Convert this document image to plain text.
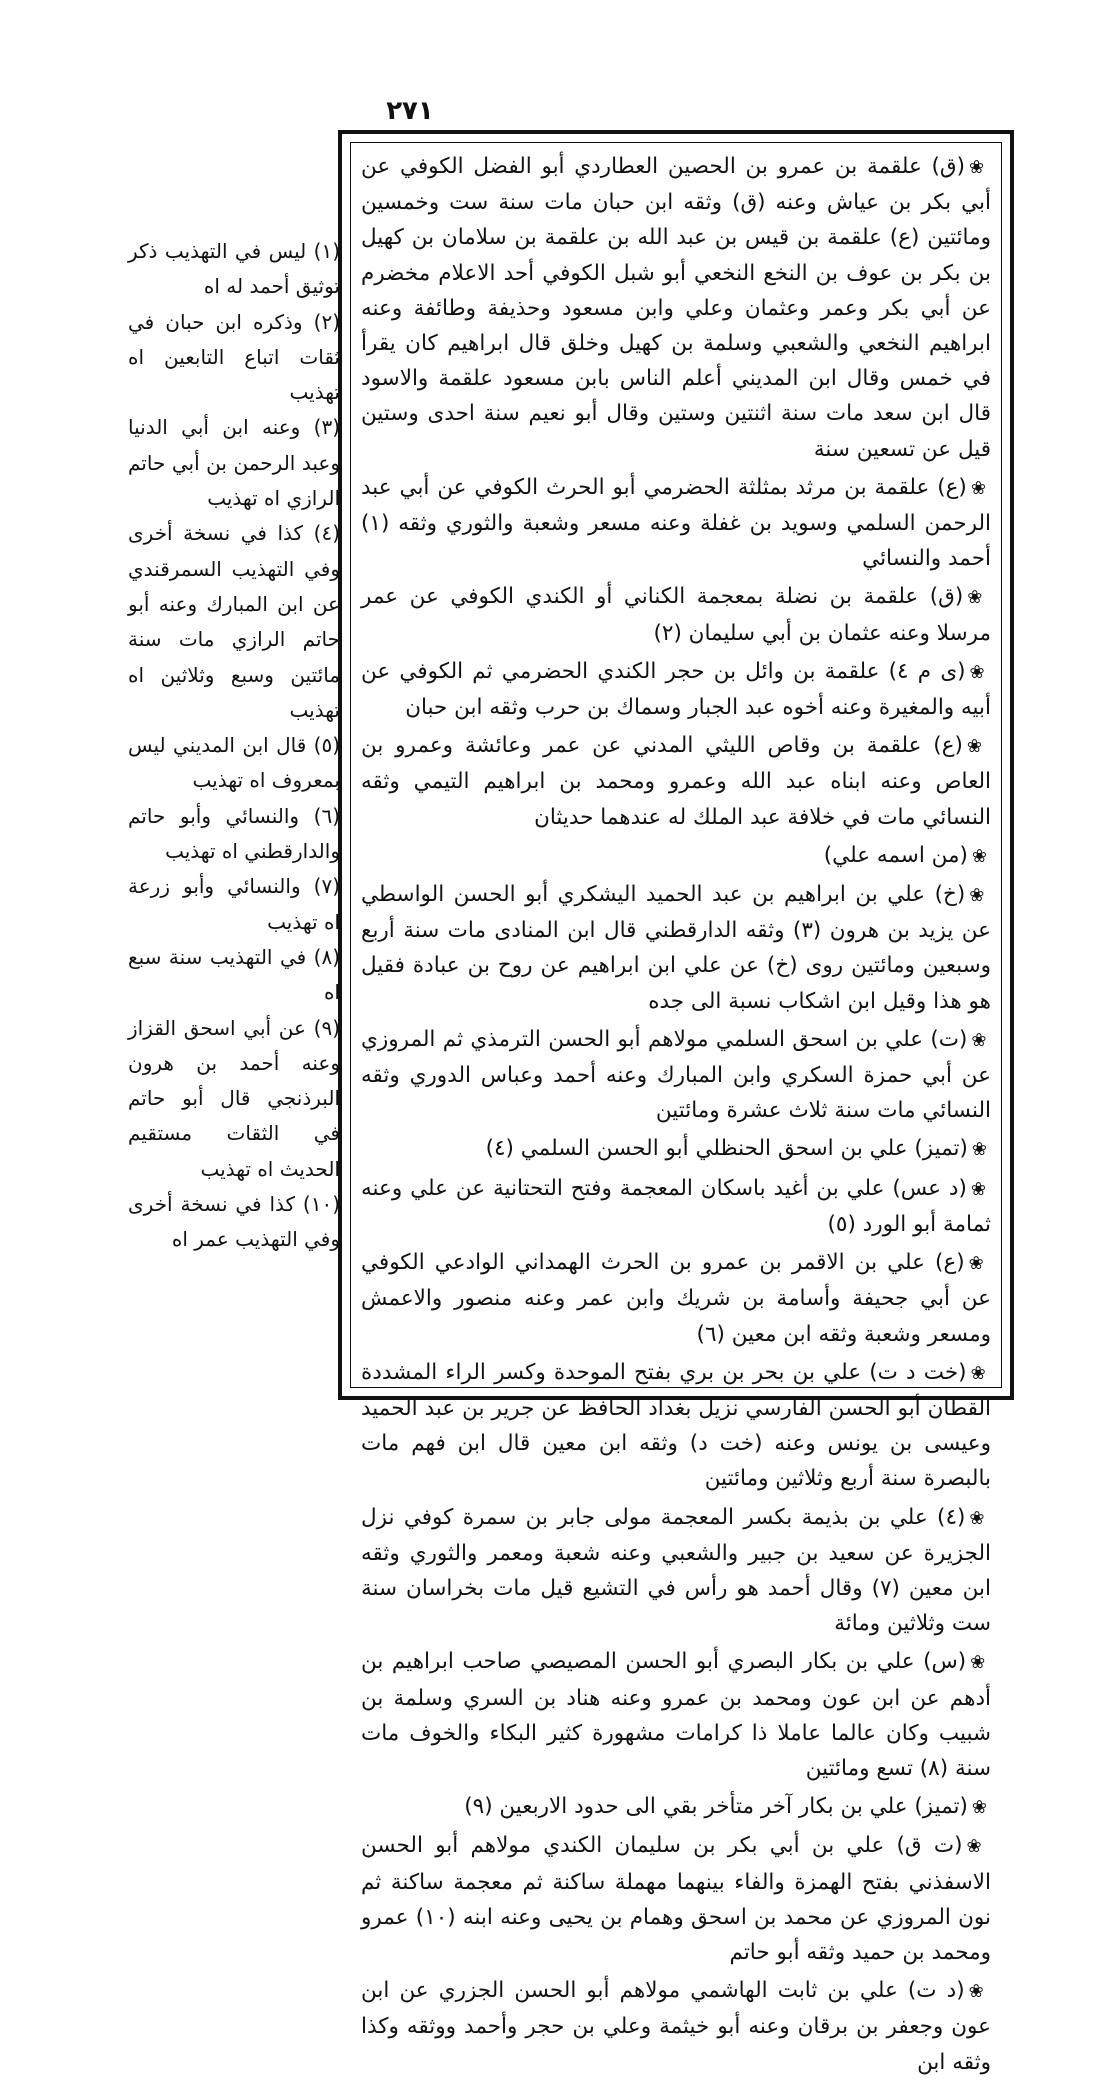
٢٧١
❀(ق) علقمة بن عمرو بن الحصين العطاردي أبو الفضل الكوفي عن أبي بكر بن عياش وعنه (ق) وثقه ابن حبان مات سنة ست وخمسين ومائتين (ع) علقمة بن قيس بن عبد الله بن علقمة بن سلامان بن كهيل بن بكر بن عوف بن النخع النخعي أبو شبل الكوفي أحد الاعلام مخضرم عن أبي بكر وعمر وعثمان وعلي وابن مسعود وحذيفة وطائفة وعنه ابراهيم النخعي والشعبي وسلمة بن كهيل وخلق قال ابراهيم كان يقرأ في خمس وقال ابن المديني أعلم الناس بابن مسعود علقمة والاسود قال ابن سعد مات سنة اثنتين وستين وقال أبو نعيم سنة احدى وستين قيل عن تسعين سنة
❀(ع) علقمة بن مرثد بمثلثة الحضرمي أبو الحرث الكوفي عن أبي عبد الرحمن السلمي وسويد بن غفلة وعنه مسعر وشعبة والثوري وثقه (١) أحمد والنسائي
❀(ق) علقمة بن نضلة بمعجمة الكناني أو الكندي الكوفي عن عمر مرسلا وعنه عثمان بن أبي سليمان (٢)
❀(ى م ٤) علقمة بن وائل بن حجر الكندي الحضرمي ثم الكوفي عن أبيه والمغيرة وعنه أخوه عبد الجبار وسماك بن حرب وثقه ابن حبان
❀(ع) علقمة بن وقاص الليثي المدني عن عمر وعائشة وعمرو بن العاص وعنه ابناه عبد الله وعمرو ومحمد بن ابراهيم التيمي وثقه النسائي مات في خلافة عبد الملك له عندهما حديثان
❀(من اسمه علي)
❀(خ) علي بن ابراهيم بن عبد الحميد اليشكري أبو الحسن الواسطي عن يزيد بن هرون (٣) وثقه الدارقطني قال ابن المنادى مات سنة أربع وسبعين ومائتين روى (خ) عن علي ابن ابراهيم عن روح بن عبادة فقيل هو هذا وقيل ابن اشكاب نسبة الى جده
❀(ت) علي بن اسحق السلمي مولاهم أبو الحسن الترمذي ثم المروزي عن أبي حمزة السكري وابن المبارك وعنه أحمد وعباس الدوري وثقه النسائي مات سنة ثلاث عشرة ومائتين
❀(تميز) علي بن اسحق الحنظلي أبو الحسن السلمي (٤)
❀(د عس) علي بن أغيد باسكان المعجمة وفتح التحتانية عن علي وعنه ثمامة أبو الورد (٥)
❀(ع) علي بن الاقمر بن عمرو بن الحرث الهمداني الوادعي الكوفي عن أبي جحيفة وأسامة بن شريك وابن عمر وعنه منصور والاعمش ومسعر وشعبة وثقه ابن معين (٦)
❀(خت د ت) علي بن بحر بن بري بفتح الموحدة وكسر الراء المشددة القطان أبو الحسن الفارسي نزيل بغداد الحافظ عن جرير بن عبد الحميد وعيسى بن يونس وعنه (خت د) وثقه ابن معين قال ابن فهم مات بالبصرة سنة أربع وثلاثين ومائتين
❀(٤) علي بن بذيمة بكسر المعجمة مولى جابر بن سمرة كوفي نزل الجزيرة عن سعيد بن جبير والشعبي وعنه شعبة ومعمر والثوري وثقه ابن معين (٧) وقال أحمد هو رأس في التشيع قيل مات بخراسان سنة ست وثلاثين ومائة
❀(س) علي بن بكار البصري أبو الحسن المصيصي صاحب ابراهيم بن أدهم عن ابن عون ومحمد بن عمرو وعنه هناد بن السري وسلمة بن شبيب وكان عالما عاملا ذا كرامات مشهورة كثير البكاء والخوف مات سنة (٨) تسع ومائتين
❀(تميز) علي بن بكار آخر متأخر بقي الى حدود الاربعين (٩)
❀(ت ق) علي بن أبي بكر بن سليمان الكندي مولاهم أبو الحسن الاسفذني بفتح الهمزة والفاء بينهما مهملة ساكنة ثم معجمة ساكنة ثم نون المروزي عن محمد بن اسحق وهمام بن يحيى وعنه ابنه (١٠) عمرو ومحمد بن حميد وثقه أبو حاتم
❀(د ت) علي بن ثابت الهاشمي مولاهم أبو الحسن الجزري عن ابن عون وجعفر بن برقان وعنه أبو خيثمة وعلي بن حجر وأحمد ووثقه وكذا وثقه ابن
(١) ليس في التهذيب ذكر توثيق أحمد له اه
(٢) وذكره ابن حبان في ثقات اتباع التابعين اه تهذيب
(٣) وعنه ابن أبي الدنيا وعبد الرحمن بن أبي حاتم الرازي اه تهذيب
(٤) كذا في نسخة أخرى وفي التهذيب السمرقندي عن ابن المبارك وعنه أبو حاتم الرازي مات سنة مائتين وسبع وثلاثين اه تهذيب
(٥) قال ابن المديني ليس بمعروف اه تهذيب
(٦) والنسائي وأبو حاتم والدارقطني اه تهذيب
(٧) والنسائي وأبو زرعة اه تهذيب
(٨) في التهذيب سنة سبع اه
(٩) عن أبي اسحق القزاز وعنه أحمد بن هرون البرذنجي قال أبو حاتم في الثقات مستقيم الحديث اه تهذيب
(١٠) كذا في نسخة أخرى وفي التهذيب عمر اه
